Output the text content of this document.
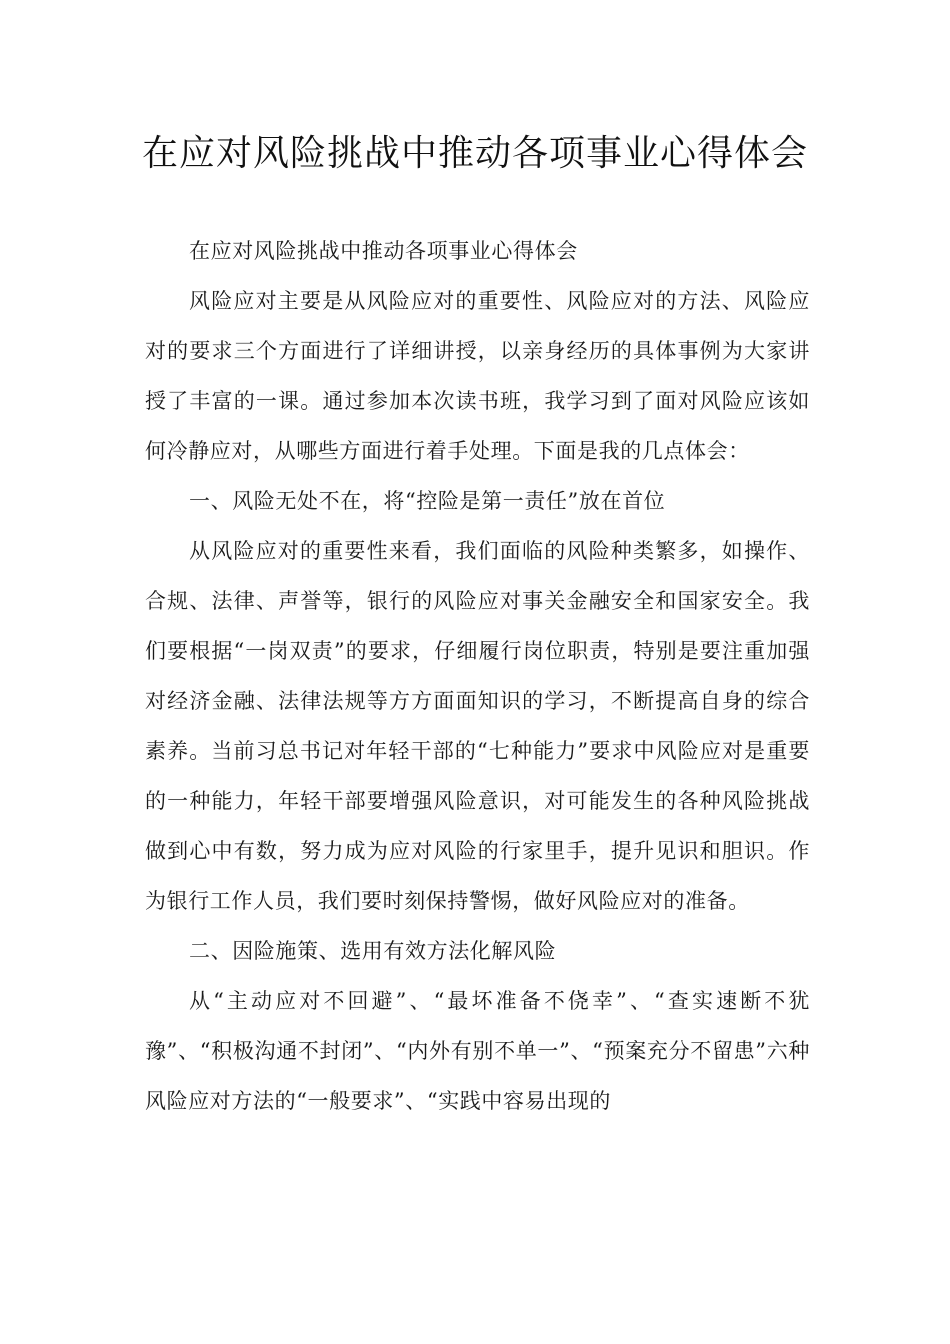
在应对风险挑战中推动各项事业心得体会

在应对风险挑战中推动各项事业心得体会

风险应对主要是从风险应对的重要性、风险应对的方法、风险应对的要求三个方面进行了详细讲授，以亲身经历的具体事例为大家讲授了丰富的一课。通过参加本次读书班，我学习到了面对风险应该如何冷静应对，从哪些方面进行着手处理。下面是我的几点体会：

一、风险无处不在，将“控险是第一责任”放在首位

从风险应对的重要性来看，我们面临的风险种类繁多，如操作、合规、法律、声誉等，银行的风险应对事关金融安全和国家安全。我们要根据“一岗双责”的要求，仔细履行岗位职责，特别是要注重加强对经济金融、法律法规等方方面面知识的学习，不断提高自身的综合素养。当前习总书记对年轻干部的“七种能力”要求中风险应对是重要的一种能力，年轻干部要增强风险意识，对可能发生的各种风险挑战做到心中有数，努力成为应对风险的行家里手，提升见识和胆识。作为银行工作人员，我们要时刻保持警惕，做好风险应对的准备。

二、因险施策、选用有效方法化解风险

从“主动应对不回避”、“最坏准备不侥幸”、“查实速断不犹豫”、“积极沟通不封闭”、“内外有别不单一”、“预案充分不留患”六种风险应对方法的“一般要求”、“实践中容易出现的
